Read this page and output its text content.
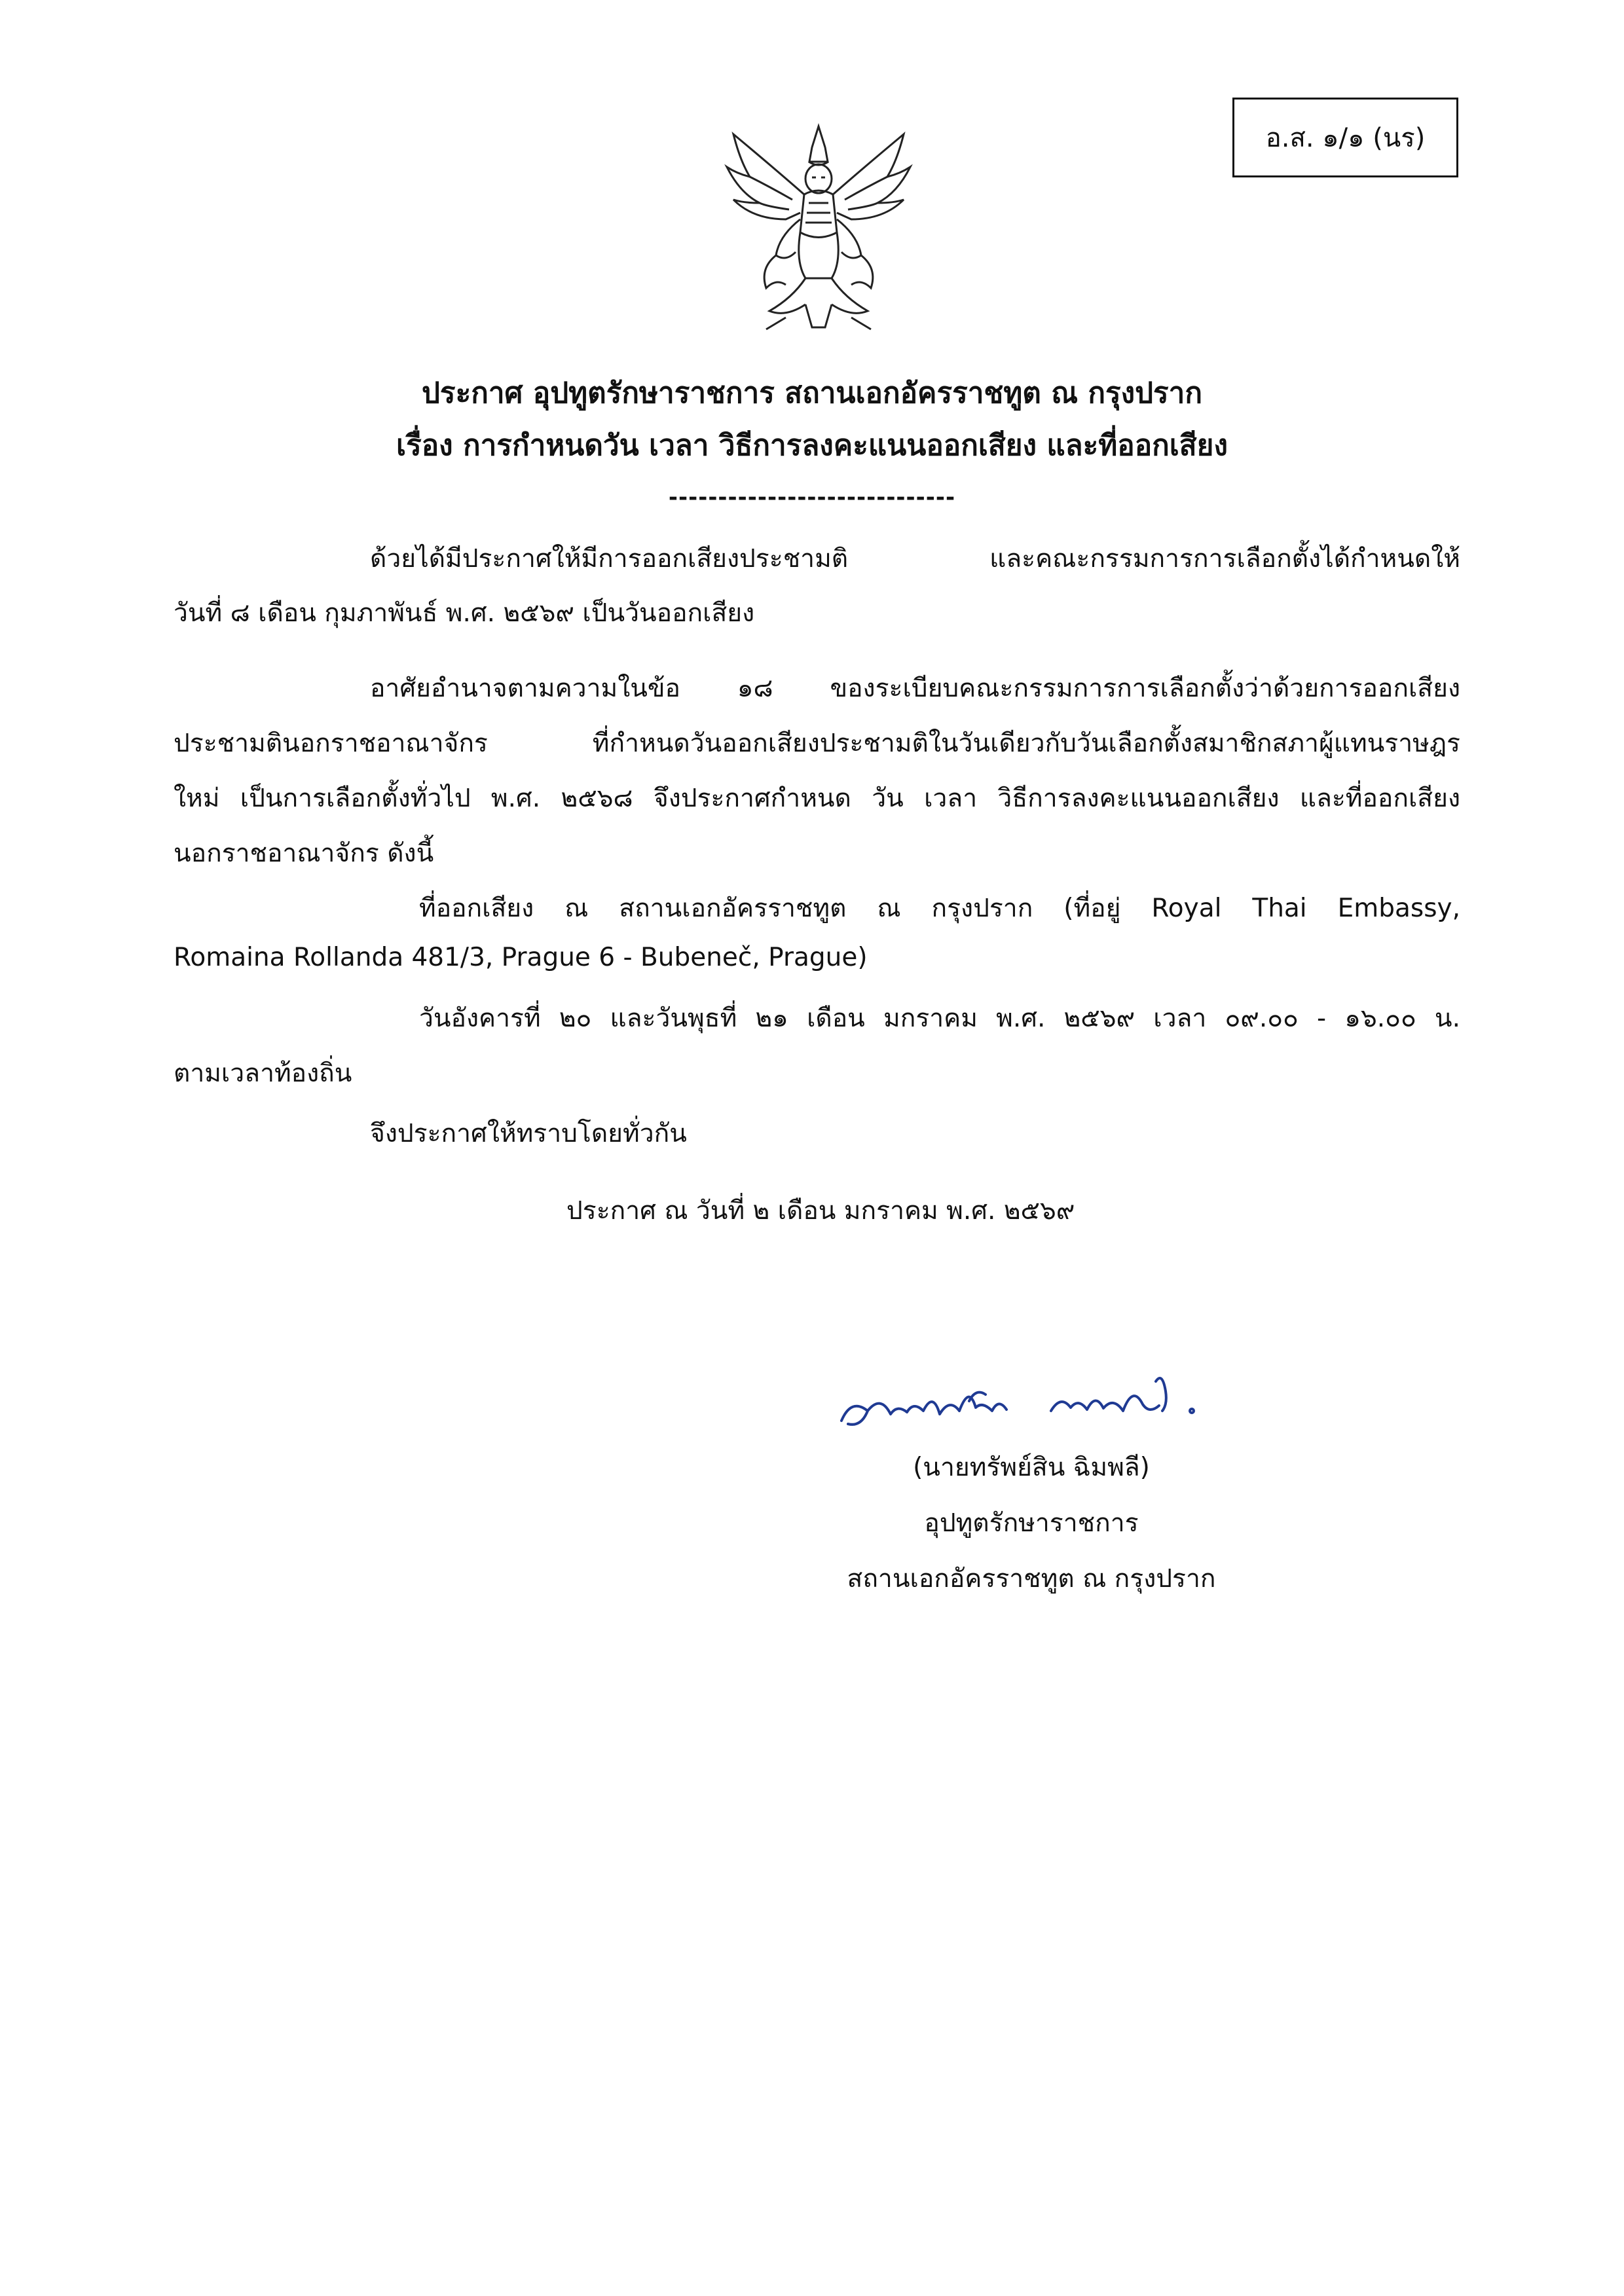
อ.ส. ๑/๑ (นร)
ประกาศ อุปทูตรักษาราชการ สถานเอกอัครราชทูต ณ กรุงปราก
เรื่อง การกำหนดวัน เวลา วิธีการลงคะแนนออกเสียง และที่ออกเสียง
-----------------------------
ด้วยได้มีประกาศให้มีการออกเสียงประชามติ และคณะกรรมการการเลือกตั้งได้กำหนดให้
วันที่ ๘ เดือน กุมภาพันธ์ พ.ศ. ๒๕๖๙ เป็นวันออกเสียง
อาศัยอำนาจตามความในข้อ ๑๘ ของระเบียบคณะกรรมการการเลือกตั้งว่าด้วยการออกเสียง
ประชามตินอกราชอาณาจักร ที่กำหนดวันออกเสียงประชามติในวันเดียวกับวันเลือกตั้งสมาชิกสภาผู้แทนราษฎร
ใหม่ เป็นการเลือกตั้งทั่วไป พ.ศ. ๒๕๖๘ จึงประกาศกำหนด วัน เวลา วิธีการลงคะแนนออกเสียง และที่ออกเสียง
นอกราชอาณาจักร ดังนี้
ที่ออกเสียง ณ สถานเอกอัครราชทูต ณ กรุงปราก (ที่อยู่ Royal Thai Embassy,
Romaina Rollanda 481/3, Prague 6 - Bubeneč, Prague)
วันอังคารที่ ๒๐ และวันพุธที่ ๒๑ เดือน มกราคม พ.ศ. ๒๕๖๙ เวลา ๐๙.๐๐ - ๑๖.๐๐ น.
ตามเวลาท้องถิ่น
จึงประกาศให้ทราบโดยทั่วกัน
ประกาศ ณ วันที่ ๒ เดือน มกราคม พ.ศ. ๒๕๖๙
(นายทรัพย์สิน ฉิมพลี)
อุปทูตรักษาราชการ
สถานเอกอัครราชทูต ณ กรุงปราก
